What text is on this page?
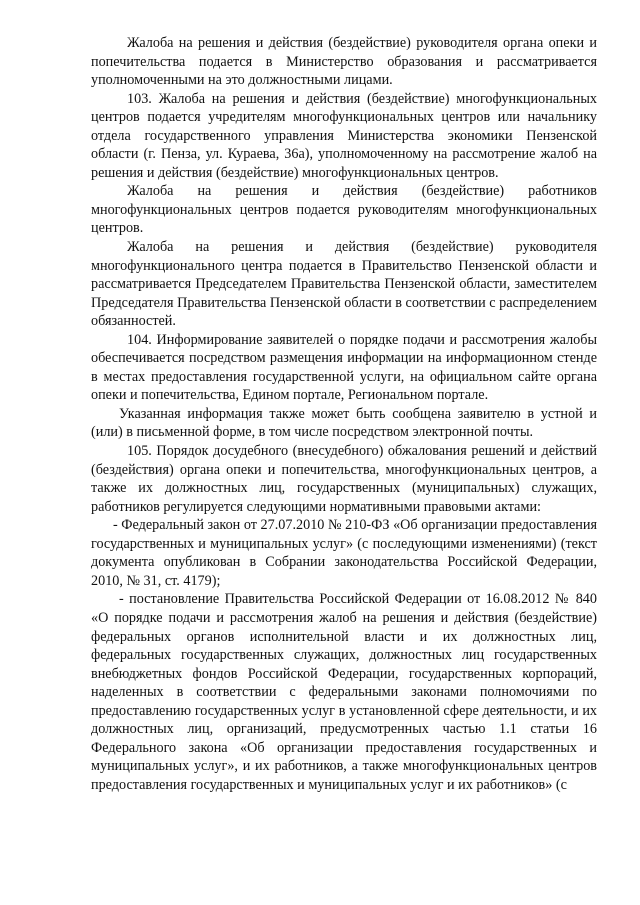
Жалоба на решения и действия (бездействие) руководителя органа опеки и попечительства подается в Министерство образования и рассматривается уполномоченными на это должностными лицами.

103. Жалоба на решения и действия (бездействие) многофункциональных центров подается учредителям многофункциональных центров или начальнику отдела государственного управления Министерства экономики Пензенской области (г. Пенза, ул. Кураева, 36а), уполномоченному на рассмотрение жалоб на решения и действия (бездействие) многофункциональных центров.

Жалоба на решения и действия (бездействие) работников многофункциональных центров подается руководителям многофункциональных центров.

Жалоба на решения и действия (бездействие) руководителя многофункционального центра подается в Правительство Пензенской области и рассматривается Председателем Правительства Пензенской области, заместителем Председателя Правительства Пензенской области в соответствии с распределением обязанностей.

104. Информирование заявителей о порядке подачи и рассмотрения жалобы обеспечивается посредством размещения информации на информационном стенде в местах предоставления государственной услуги, на официальном сайте органа опеки и попечительства, Едином портале, Региональном портале.

Указанная информация также может быть сообщена заявителю в устной и (или) в письменной форме, в том числе посредством электронной почты.

105. Порядок досудебного (внесудебного) обжалования решений и действий (бездействия) органа опеки и попечительства, многофункциональных центров, а также их должностных лиц, государственных (муниципальных) служащих, работников регулируется следующими нормативными правовыми актами:

- Федеральный закон от 27.07.2010 № 210-ФЗ «Об организации предоставления государственных и муниципальных услуг» (с последующими изменениями) (текст документа опубликован в Собрании законодательства Российской Федерации, 2010, № 31, ст. 4179);

- постановление Правительства Российской Федерации от 16.08.2012 № 840 «О порядке подачи и рассмотрения жалоб на решения и действия (бездействие) федеральных органов исполнительной власти и их должностных лиц, федеральных государственных служащих, должностных лиц государственных внебюджетных фондов Российской Федерации, государственных корпораций, наделенных в соответствии с федеральными законами полномочиями по предоставлению государственных услуг в установленной сфере деятельности, и их должностных лиц, организаций, предусмотренных частью 1.1 статьи 16 Федерального закона «Об организации предоставления государственных и муниципальных услуг», и их работников, а также многофункциональных центров предоставления государственных и муниципальных услуг и их работников» (с
